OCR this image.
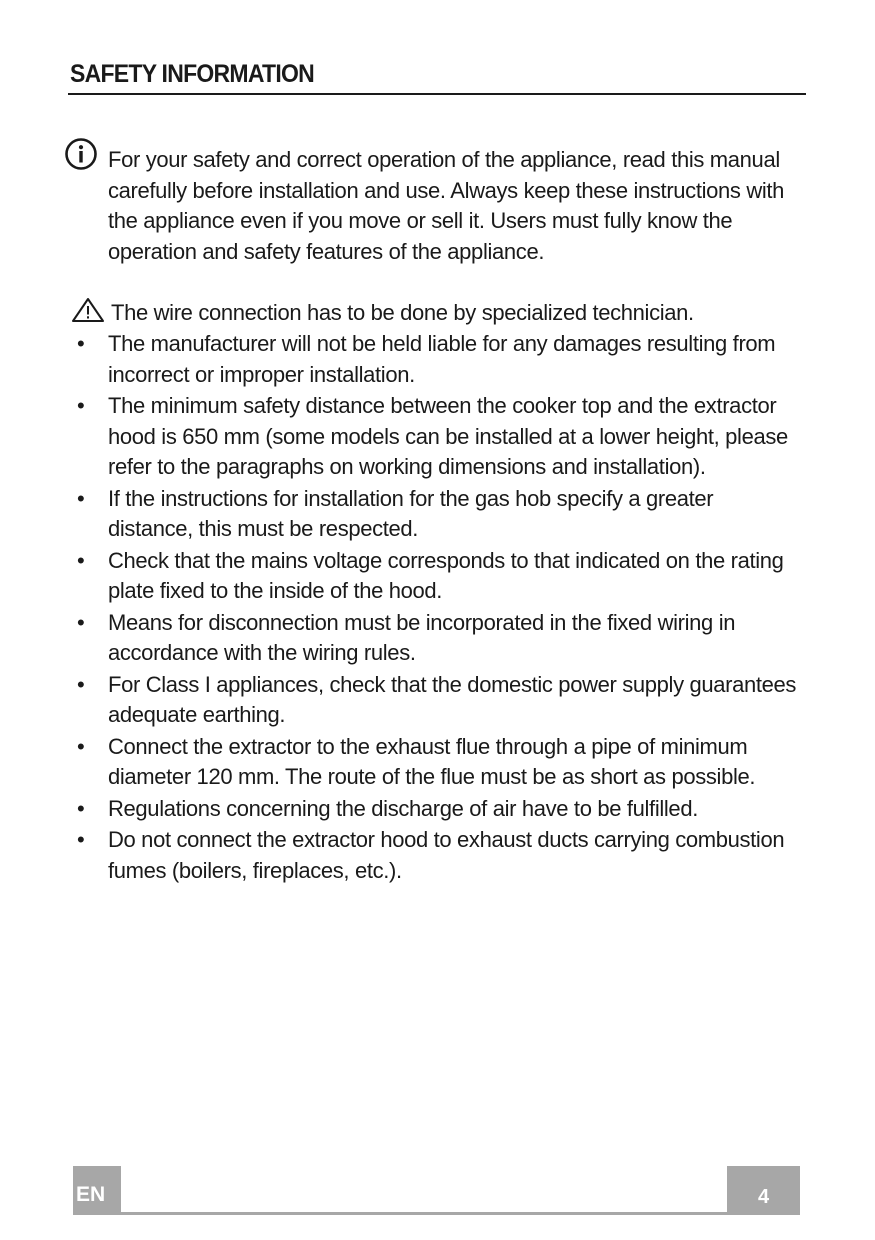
SAFETY INFORMATION
For your safety and correct operation of the appliance, read this manual carefully before installation and use. Always keep these instructions with the appliance even if you move or sell it. Users must fully know the operation and safety features of the appliance.
The wire connection has to be done by specialized technician.
• The manufacturer will not be held liable for any damages resulting from incorrect or improper installation.
• The minimum safety distance between the cooker top and the extractor hood is 650 mm (some models can be installed at a lower height, please refer to the paragraphs on working dimensions and installation).
• If the instructions for installation for the gas hob specify a greater distance, this must be respected.
• Check that the mains voltage corresponds to that indicated on the rating plate fixed to the inside of the hood.
• Means for disconnection must be incorporated in the fixed wiring in accordance with the wiring rules.
• For Class I appliances, check that the domestic power supply guarantees adequate earthing.
• Connect the extractor to the exhaust flue through a pipe of minimum diameter 120 mm. The route of the flue must be as short as possible.
• Regulations concerning the discharge of air have to be fulfilled.
• Do not connect the extractor hood to exhaust ducts carrying combustion fumes (boilers, fireplaces, etc.).
EN	4
